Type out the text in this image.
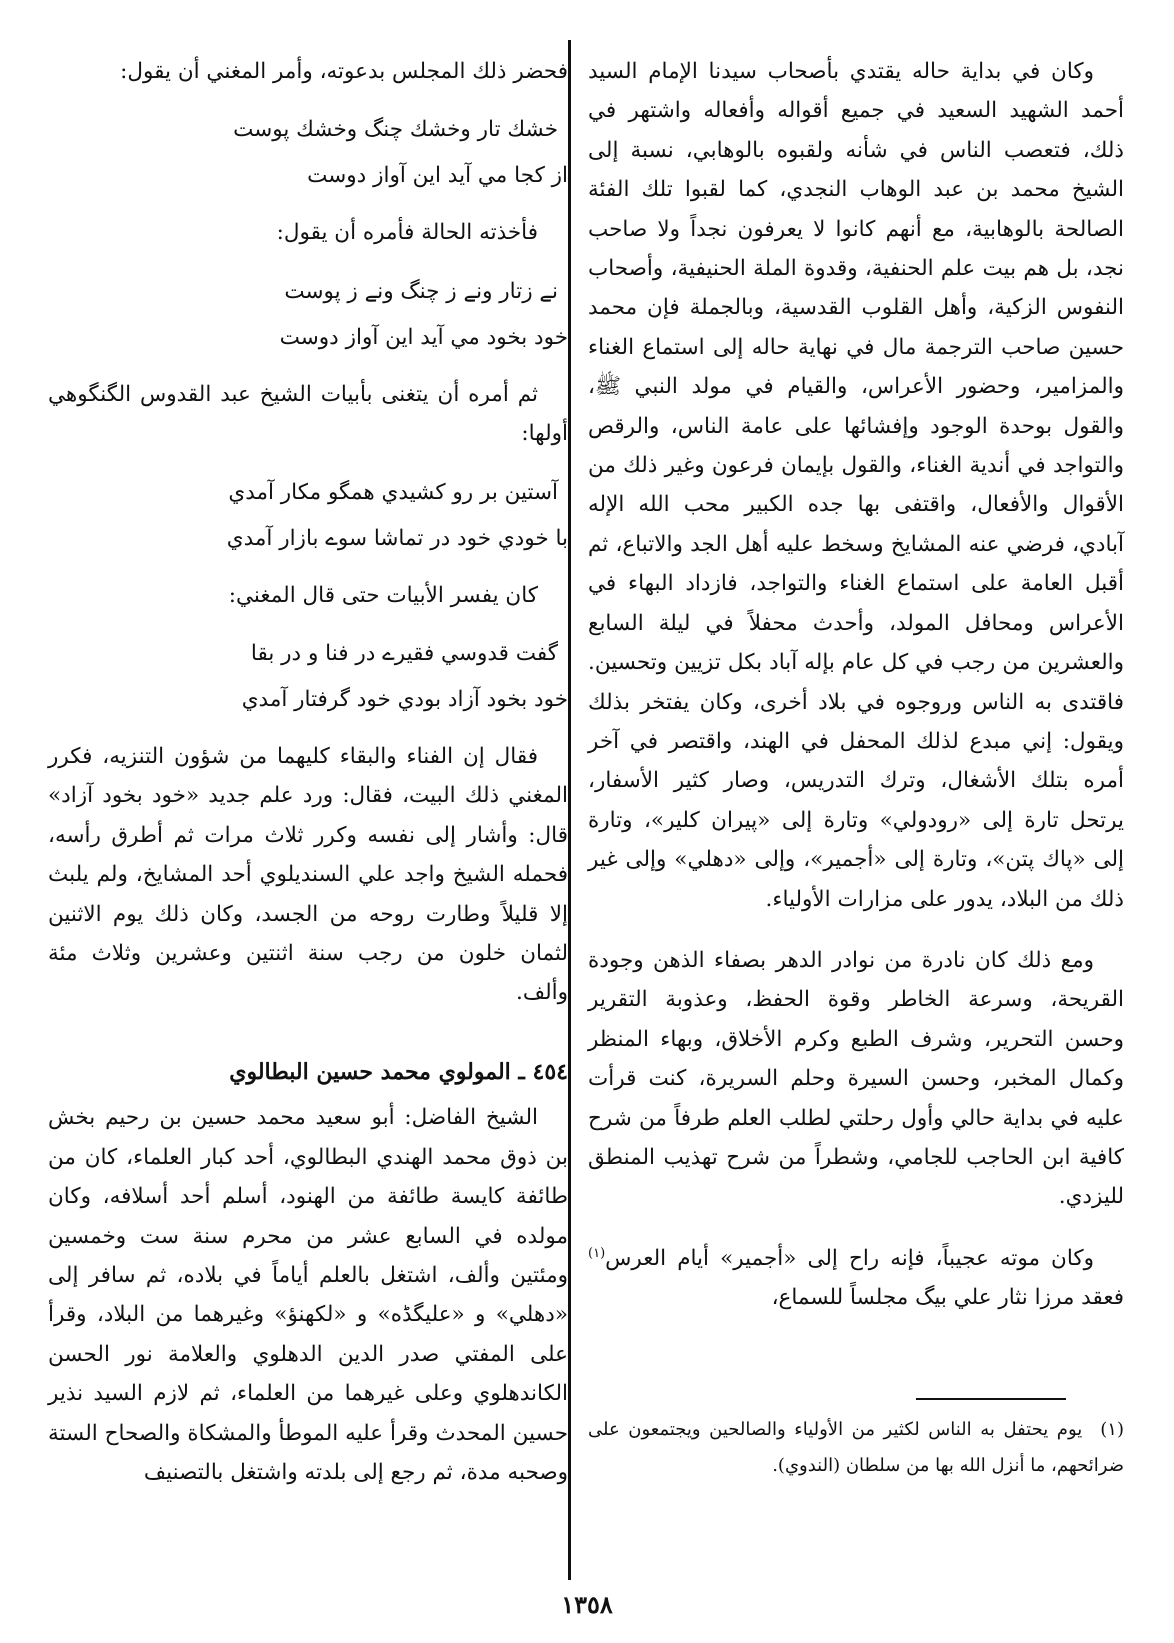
وكان في بداية حاله يقتدي بأصحاب سيدنا الإمام السيد أحمد الشهيد السعيد في جميع أقواله وأفعاله واشتهر في ذلك، فتعصب الناس في شأنه ولقبوه بالوهابي، نسبة إلى الشيخ محمد بن عبد الوهاب النجدي، كما لقبوا تلك الفئة الصالحة بالوهابية، مع أنهم كانوا لا يعرفون نجداً ولا صاحب نجد، بل هم بيت علم الحنفية، وقدوة الملة الحنيفية، وأصحاب النفوس الزكية، وأهل القلوب القدسية، وبالجملة فإن محمد حسين صاحب الترجمة مال في نهاية حاله إلى استماع الغناء والمزامير، وحضور الأعراس، والقيام في مولد النبي ﷺ، والقول بوحدة الوجود وإفشائها على عامة الناس، والرقص والتواجد في أندية الغناء، والقول بإيمان فرعون وغير ذلك من الأقوال والأفعال، واقتفى بها جده الكبير محب الله الإله آبادي، فرضي عنه المشايخ وسخط عليه أهل الجد والاتباع، ثم أقبل العامة على استماع الغناء والتواجد، فازداد البهاء في الأعراس ومحافل المولد، وأحدث محفلاً في ليلة السابع والعشرين من رجب في كل عام بإله آباد بكل تزيين وتحسين. فاقتدى به الناس وروجوه في بلاد أخرى، وكان يفتخر بذلك ويقول: إني مبدع لذلك المحفل في الهند، واقتصر في آخر أمره بتلك الأشغال، وترك التدريس، وصار كثير الأسفار، يرتحل تارة إلى «رودولي» وتارة إلى «پيران كلير»، وتارة إلى «پاك پتن»، وتارة إلى «أجمير»، وإلى «دهلي» وإلى غير ذلك من البلاد، يدور على مزارات الأولياء.

ومع ذلك كان نادرة من نوادر الدهر بصفاء الذهن وجودة القريحة، وسرعة الخاطر وقوة الحفظ، وعذوبة التقرير وحسن التحرير، وشرف الطبع وكرم الأخلاق، وبهاء المنظر وكمال المخبر، وحسن السيرة وحلم السريرة، كنت قرأت عليه في بداية حالي وأول رحلتي لطلب العلم طرفاً من شرح كافية ابن الحاجب للجامي، وشطراً من شرح تهذيب المنطق لليزدي.

وكان موته عجيباً، فإنه راح إلى «أجمير» أيام العرس$^{(١)}$ فعقد مرزا نثار علي بيگ مجلساً للسماع،

(١)يوم يحتفل به الناس لكثير من الأولياء والصالحين ويجتمعون على ضرائحهم، ما أنزل الله بها من سلطان (الندوي).

فحضر ذلك المجلس بدعوته، وأمر المغني أن يقول:

خشك تار وخشك چنگ وخشك پوست

از كجا مي آيد اين آواز دوست

فأخذته الحالة فأمره أن يقول:

نے زتار ونے ز چنگ ونے ز پوست

خود بخود مي آيد اين آواز دوست

ثم أمره أن يتغنى بأبيات الشيخ عبد القدوس الگنگوهي أولها:

آستين بر رو كشيدي همگو مكار آمدي

با خودي خود در تماشا سوے بازار آمدي

كان يفسر الأبيات حتى قال المغني:

گفت قدوسي فقيرے در فنا و در بقا

خود بخود آزاد بودي خود گرفتار آمدي

فقال إن الفناء والبقاء كليهما من شؤون التنزيه، فكرر المغني ذلك البيت، فقال: ورد علم جديد «خود بخود آزاد» قال: وأشار إلى نفسه وكرر ثلاث مرات ثم أطرق رأسه، فحمله الشيخ واجد علي السنديلوي أحد المشايخ، ولم يلبث إلا قليلاً وطارت روحه من الجسد، وكان ذلك يوم الاثنين لثمان خلون من رجب سنة اثنتين وعشرين وثلاث مئة وألف.

٤٥٤ ـ المولوي محمد حسين البطالوي

الشيخ الفاضل: أبو سعيد محمد حسين بن رحيم بخش بن ذوق محمد الهندي البطالوي، أحد كبار العلماء، كان من طائفة كايسة طائفة من الهنود، أسلم أحد أسلافه، وكان مولده في السابع عشر من محرم سنة ست وخمسين ومئتين وألف، اشتغل بالعلم أياماً في بلاده، ثم سافر إلى «دهلي» و «عليگڈه» و «لكهنؤ» وغيرهما من البلاد، وقرأ على المفتي صدر الدين الدهلوي والعلامة نور الحسن الكاندهلوي وعلى غيرهما من العلماء، ثم لازم السيد نذير حسين المحدث وقرأ عليه الموطأ والمشكاة والصحاح الستة وصحبه مدة، ثم رجع إلى بلدته واشتغل بالتصنيف

١٣٥٨
